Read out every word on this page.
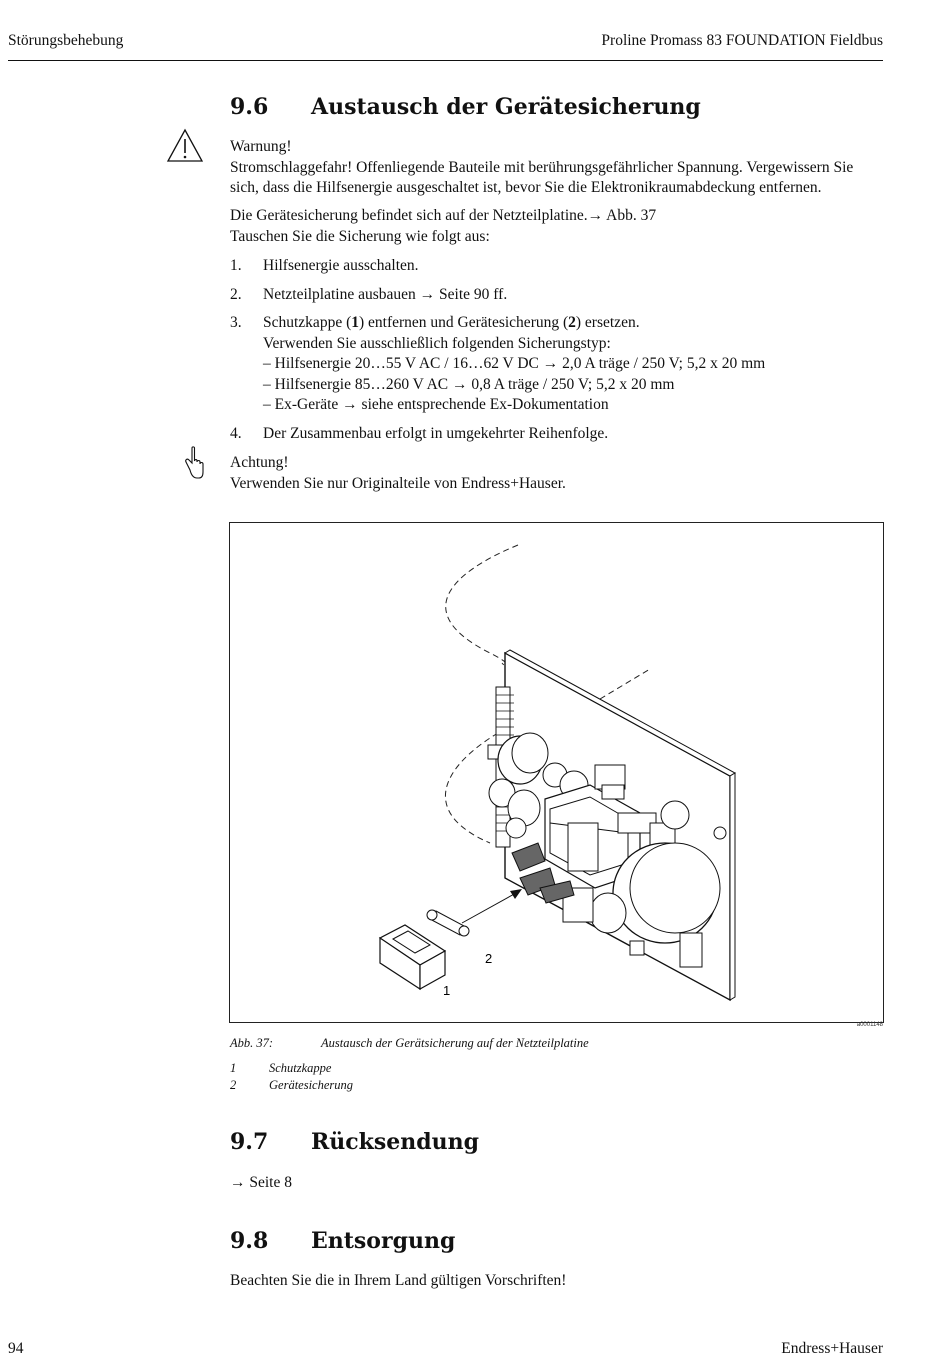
Störungsbehebung	Proline Promass 83 FOUNDATION Fieldbus
9.6 Austausch der Gerätesicherung

Warnung!

Stromschlaggefahr! Offenliegende Bauteile mit berührungsgefährlicher Spannung. Vergewissern Sie sich, dass die Hilfsenergie ausgeschaltet ist, bevor Sie die Elektronikraumabdeckung entfernen.

Die Gerätesicherung befindet sich auf der Netzteilplatine.→ Abb. 37

Tauschen Sie die Sicherung wie folgt aus:

1. Hilfsenergie ausschalten.
2. Netzteilplatine ausbauen → Seite 90 ff.
3. Schutzkappe (1) entfernen und Gerätesicherung (2) ersetzen.

Verwenden Sie ausschließlich folgenden Sicherungstyp:

– Hilfsenergie 20…55 V AC / 16…62 V DC → 2,0 A träge / 250 V; 5,2 x 20 mm

– Hilfsenergie 85…260 V AC → 0,8 A träge / 250 V; 5,2 x 20 mm

– Ex-Geräte → siehe entsprechende Ex-Dokumentation

4. Der Zusammenbau erfolgt in umgekehrter Reihenfolge.

Achtung!

Verwenden Sie nur Originalteile von Endress+Hauser.

2
1
a0001148
Abb. 37:	Austausch der Gerätsicherung auf der Netzteilplatine
1	Schutzkappe
2	Gerätesicherung
9.7 Rücksendung
→ Seite 8
9.8 Entsorgung
Beachten Sie die in Ihrem Land gültigen Vorschriften!
94	Endress+Hauser
